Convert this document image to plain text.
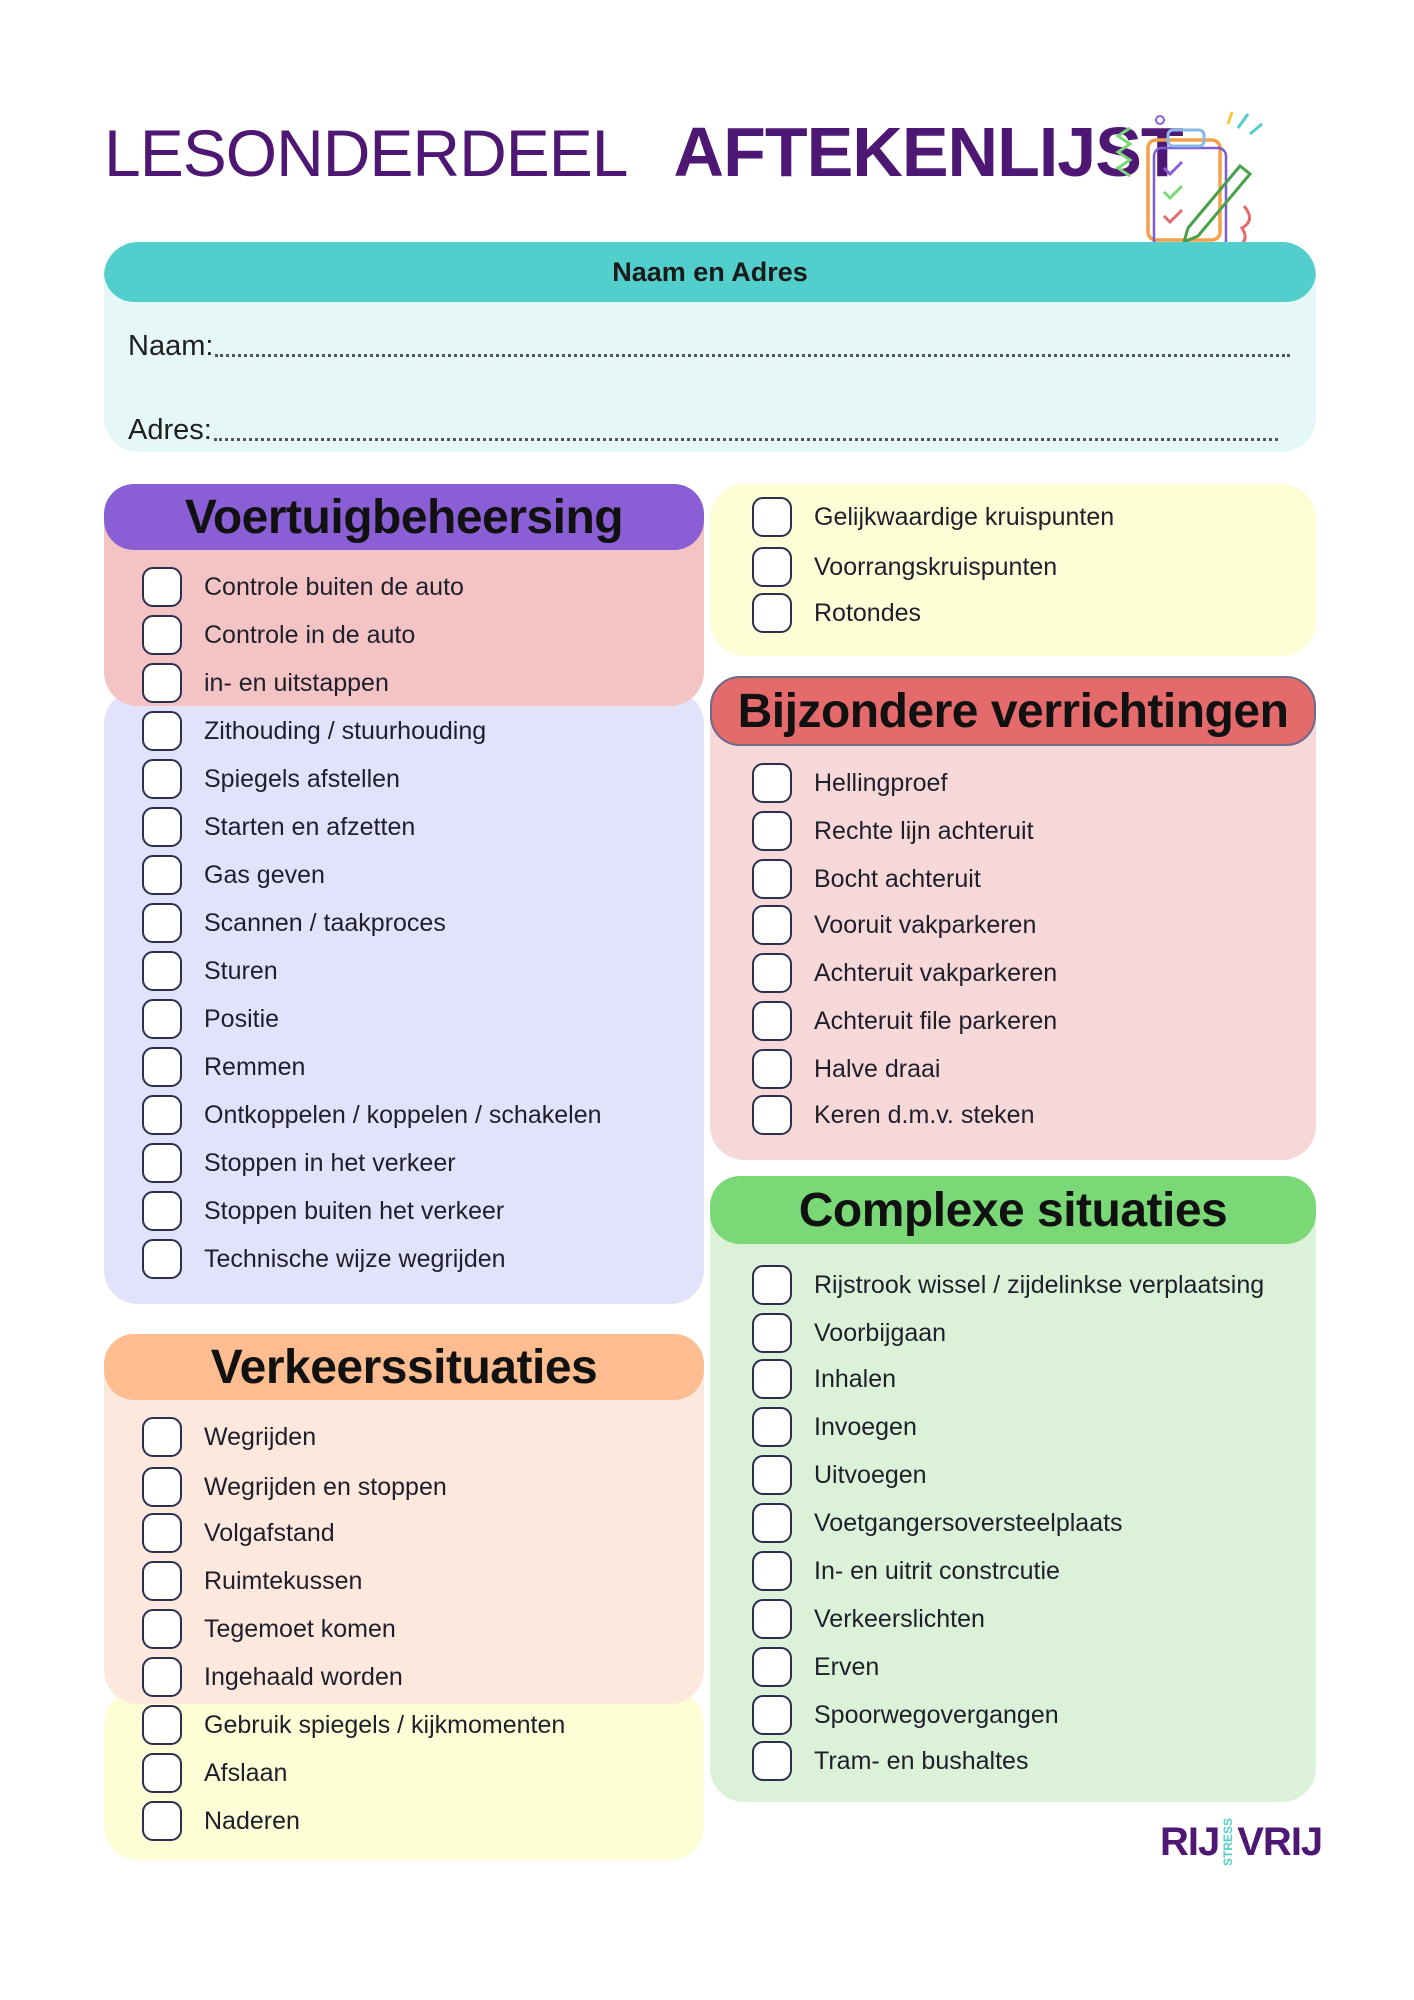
LESONDERDEEL AFTEKENLIJST
Naam en Adres
Naam:
Adres:
Voertuigbeheersing
Controle buiten de auto
Controle in de auto
in- en uitstappen
Zithouding / stuurhouding
Spiegels afstellen
Starten en afzetten
Gas geven
Scannen / taakproces
Sturen
Positie
Remmen
Ontkoppelen / koppelen / schakelen
Stoppen in het verkeer
Stoppen buiten het verkeer
Technische wijze wegrijden
Verkeerssituaties
Wegrijden
Wegrijden en stoppen
Volgafstand
Ruimtekussen
Tegemoet komen
Ingehaald worden
Gebruik spiegels / kijkmomenten
Afslaan
Naderen
Gelijkwaardige kruispunten
Voorrangskruispunten
Rotondes
Bijzondere verrichtingen
Hellingproef
Rechte lijn achteruit
Bocht achteruit
Vooruit vakparkeren
Achteruit vakparkeren
Achteruit file parkeren
Halve draai
Keren d.m.v. steken
Complexe situaties
Rijstrook wissel / zijdelinkse verplaatsing
Voorbijgaan
Inhalen
Invoegen
Uitvoegen
Voetgangersoversteelplaats
In- en uitrit constrcutie
Verkeerslichten
Erven
Spoorwegovergangen
Tram- en bushaltes
RIJ STRESS VRIJ
